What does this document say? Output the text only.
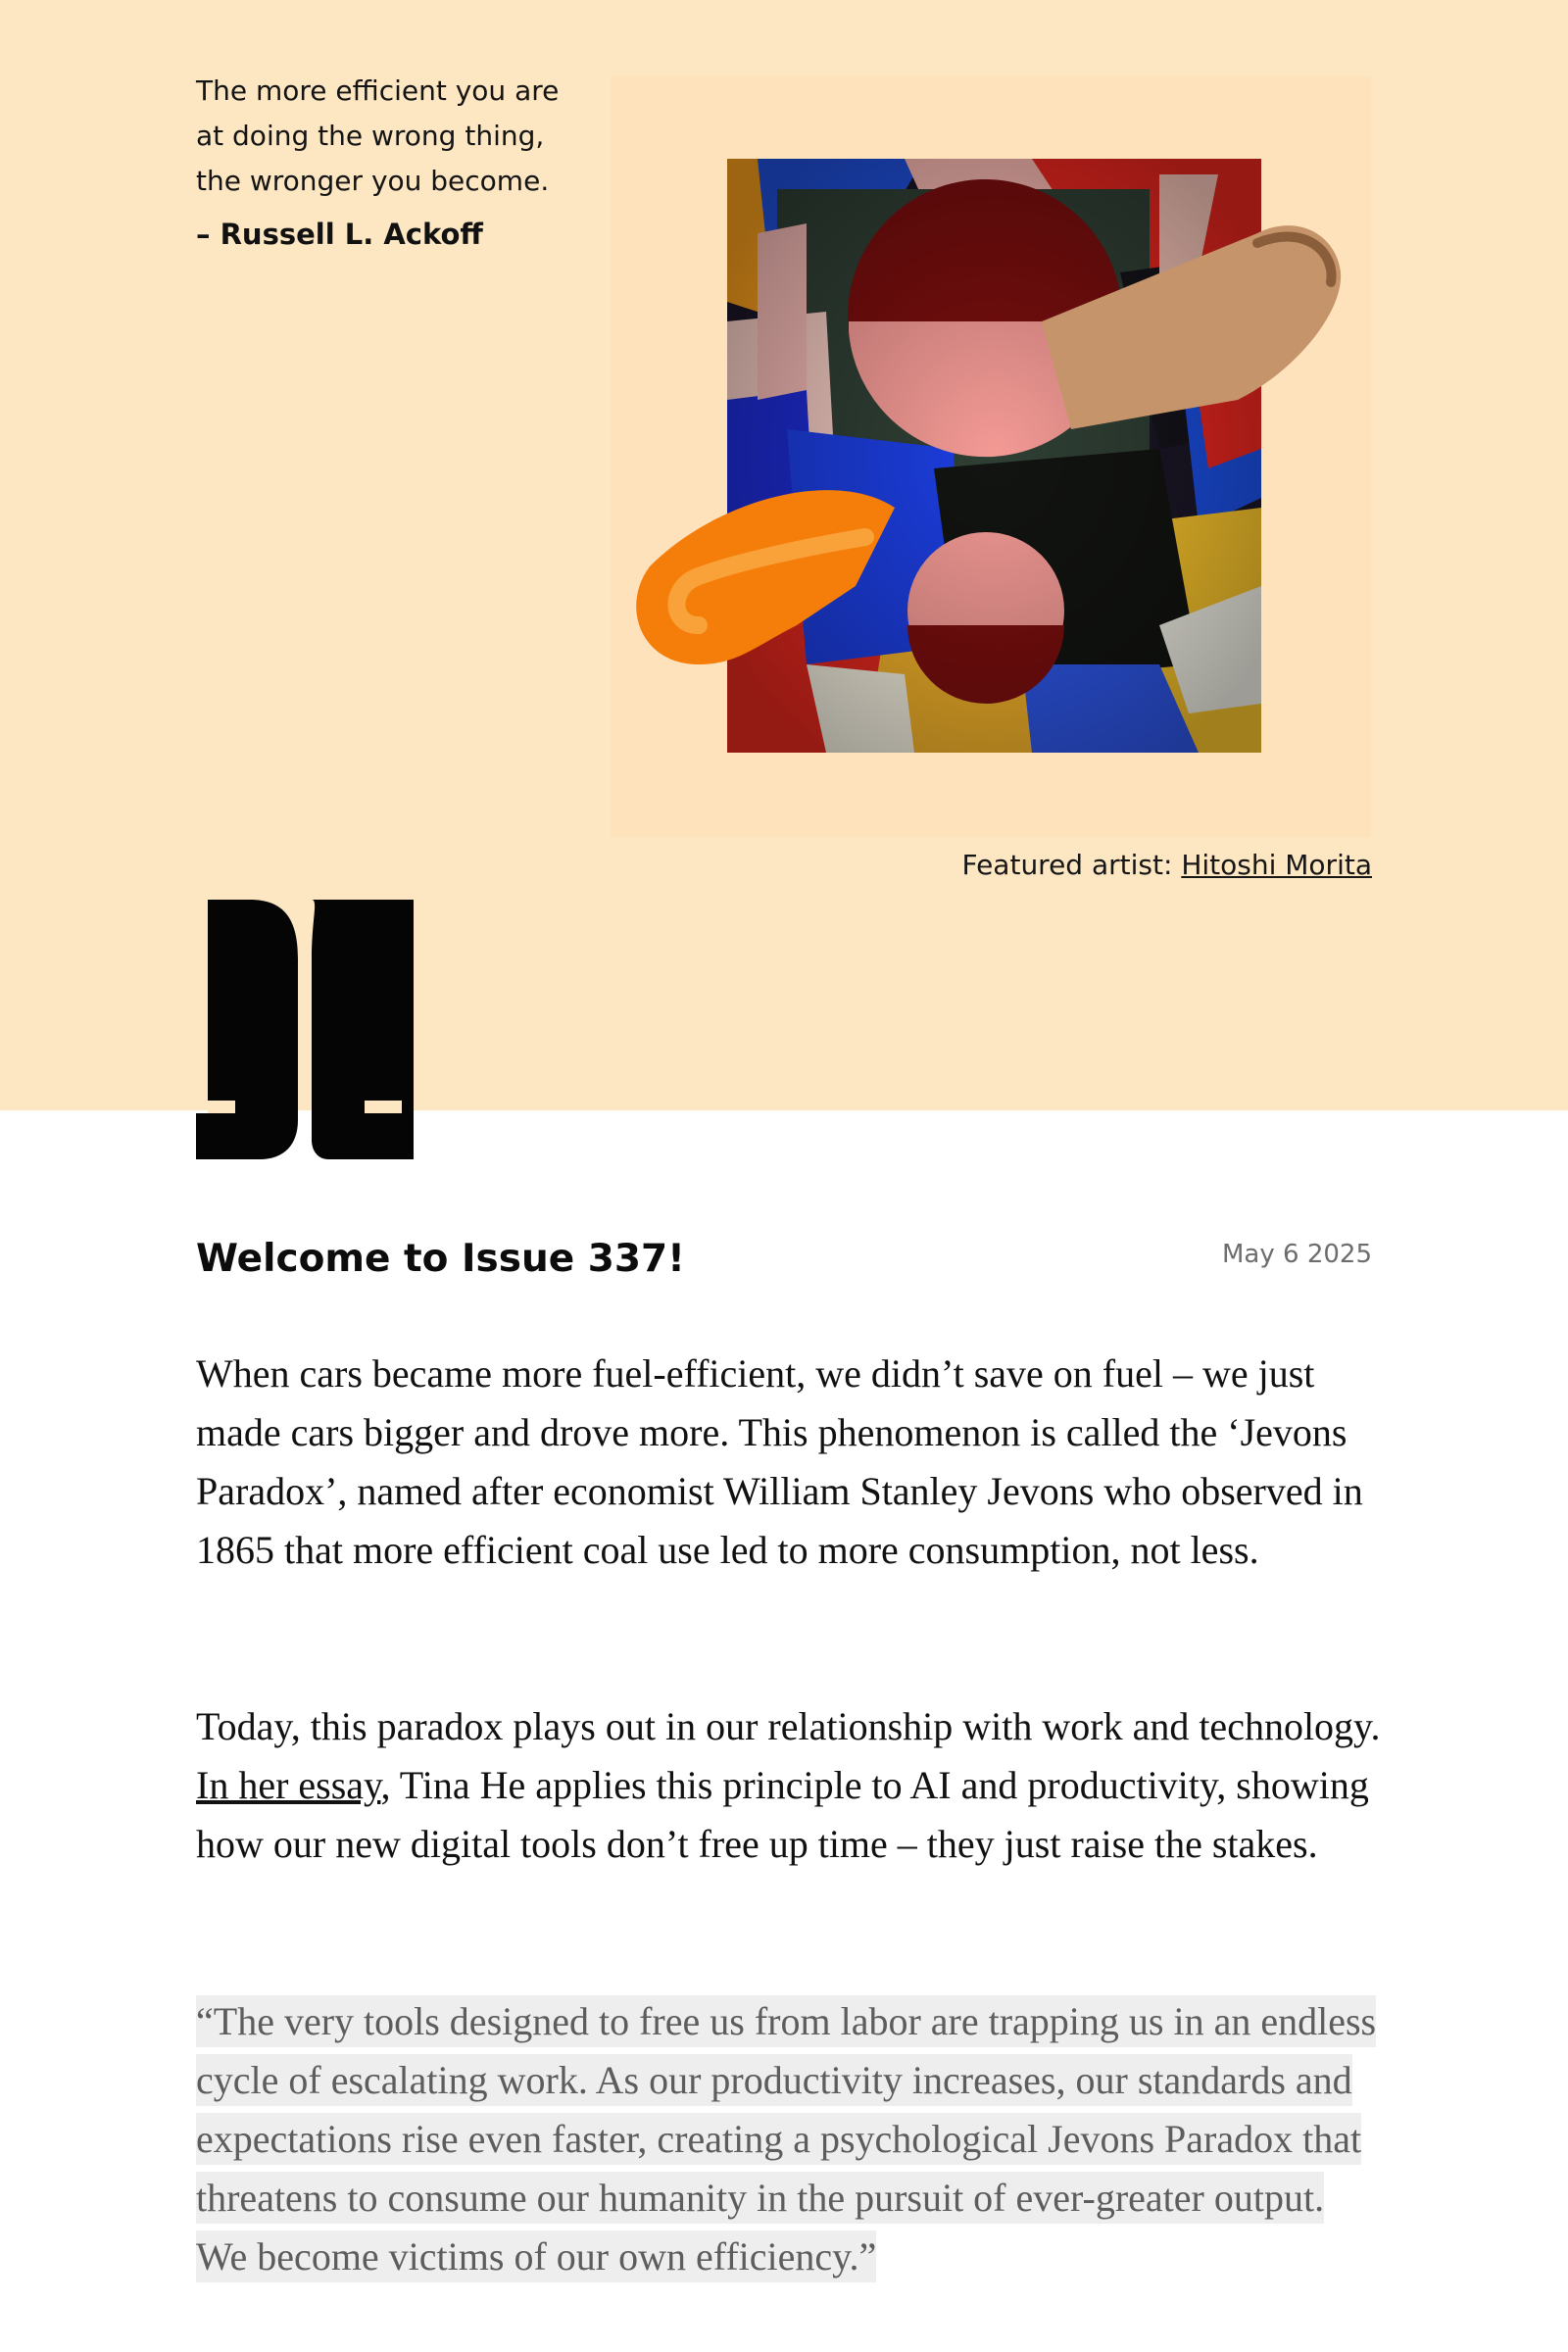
The more efficient you are at doing the wrong thing, the wronger you become.

– Russell L. Ackoff

Featured artist: Hitoshi Morita

Welcome to Issue 337!	May 6 2025

When cars became more fuel-efficient, we didn’t save on fuel – we just made cars bigger and drove more. This phenomenon is called the ‘Jevons Paradox’, named after economist William Stanley Jevons who observed in 1865 that more efficient coal use led to more consumption, not less.

Today, this paradox plays out in our relationship with work and technology. In her essay, Tina He applies this principle to AI and productivity, showing how our new digital tools don’t free up time – they just raise the stakes.

“The very tools designed to free us from labor are trapping us in an endless cycle of escalating work. As our productivity increases, our standards and expectations rise even faster, creating a psychological Jevons Paradox that threatens to consume our humanity in the pursuit of ever-greater output. We become victims of our own efficiency.”
